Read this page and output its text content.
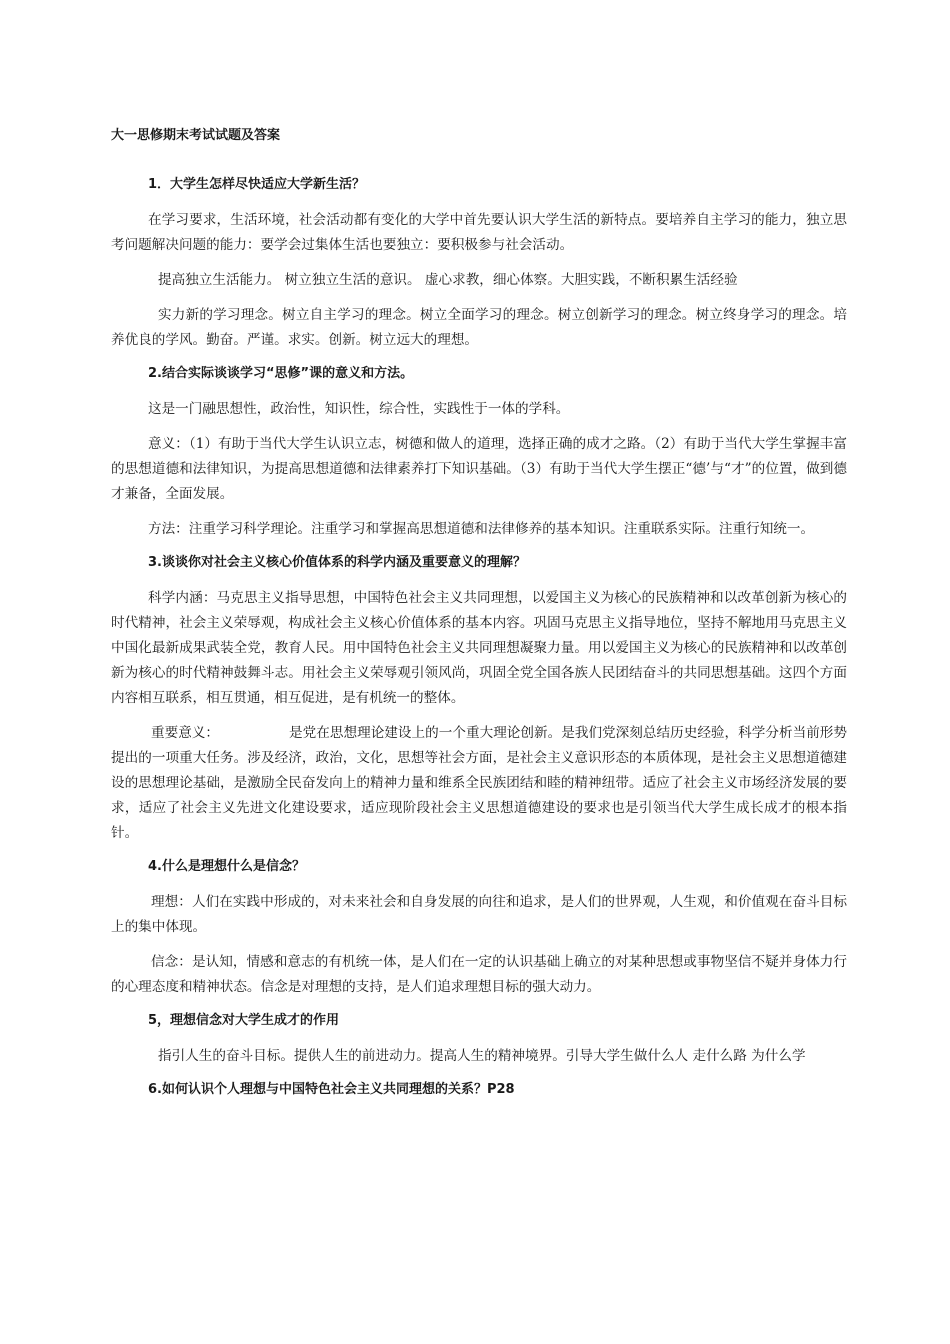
大一思修期末考试试题及答案
1．大学生怎样尽快适应大学新生活？

在学习要求，生活环境，社会活动都有变化的大学中首先要认识大学生活的新特点。要培养自主学习的能力，独立思考问题解决问题的能力：要学会过集体生活也要独立：要积极参与社会活动。

提高独立生活能力。 树立独立生活的意识。 虚心求教，细心体察。大胆实践，不断积累生活经验

实力新的学习理念。树立自主学习的理念。树立全面学习的理念。树立创新学习的理念。树立终身学习的理念。培养优良的学风。勤奋。严谨。求实。创新。树立远大的理想。

2.结合实际谈谈学习“思修”课的意义和方法。

这是一门融思想性，政治性，知识性，综合性，实践性于一体的学科。

意义：（1）有助于当代大学生认识立志，树德和做人的道理，选择正确的成才之路。（2）有助于当代大学生掌握丰富的思想道德和法律知识，为提高思想道德和法律素养打下知识基础。（3）有助于当代大学生摆正“德’与“才”的位置，做到德才兼备，全面发展。

方法：注重学习科学理论。注重学习和掌握高思想道德和法律修养的基本知识。注重联系实际。注重行知统一。

3.谈谈你对社会主义核心价值体系的科学内涵及重要意义的理解？

科学内涵：马克思主义指导思想，中国特色社会主义共同理想，以爱国主义为核心的民族精神和以改革创新为核心的时代精神，社会主义荣辱观，构成社会主义核心价值体系的基本内容。巩固马克思主义指导地位，坚持不解地用马克思主义中国化最新成果武装全党，教育人民。用中国特色社会主义共同理想凝聚力量。用以爱国主义为核心的民族精神和以改革创新为核心的时代精神鼓舞斗志。用社会主义荣辱观引领风尚，巩固全党全国各族人民团结奋斗的共同思想基础。这四个方面内容相互联系，相互贯通，相互促进，是有机统一的整体。

重要意义：	是党在思想理论建设上的一个重大理论创新。是我们党深刻总结历史经验，科学分析当前形势提出的一项重大任务。涉及经济，政治，文化，思想等社会方面，是社会主义意识形态的本质体现，是社会主义思想道德建设的思想理论基础，是激励全民奋发向上的精神力量和维系全民族团结和睦的精神纽带。适应了社会主义市场经济发展的要求，适应了社会主义先进文化建设要求，适应现阶段社会主义思想道德建设的要求也是引领当代大学生成长成才的根本指针。

4.什么是理想什么是信念？

理想：人们在实践中形成的，对未来社会和自身发展的向往和追求，是人们的世界观，人生观，和价值观在奋斗目标上的集中体现。

信念：是认知，情感和意志的有机统一体，是人们在一定的认识基础上确立的对某种思想或事物坚信不疑并身体力行的心理态度和精神状态。信念是对理想的支持，是人们追求理想目标的强大动力。

5，理想信念对大学生成才的作用

指引人生的奋斗目标。提供人生的前进动力。提高人生的精神境界。引导大学生做什么人 走什么路 为什么学

6.如何认识个人理想与中国特色社会主义共同理想的关系？P28
